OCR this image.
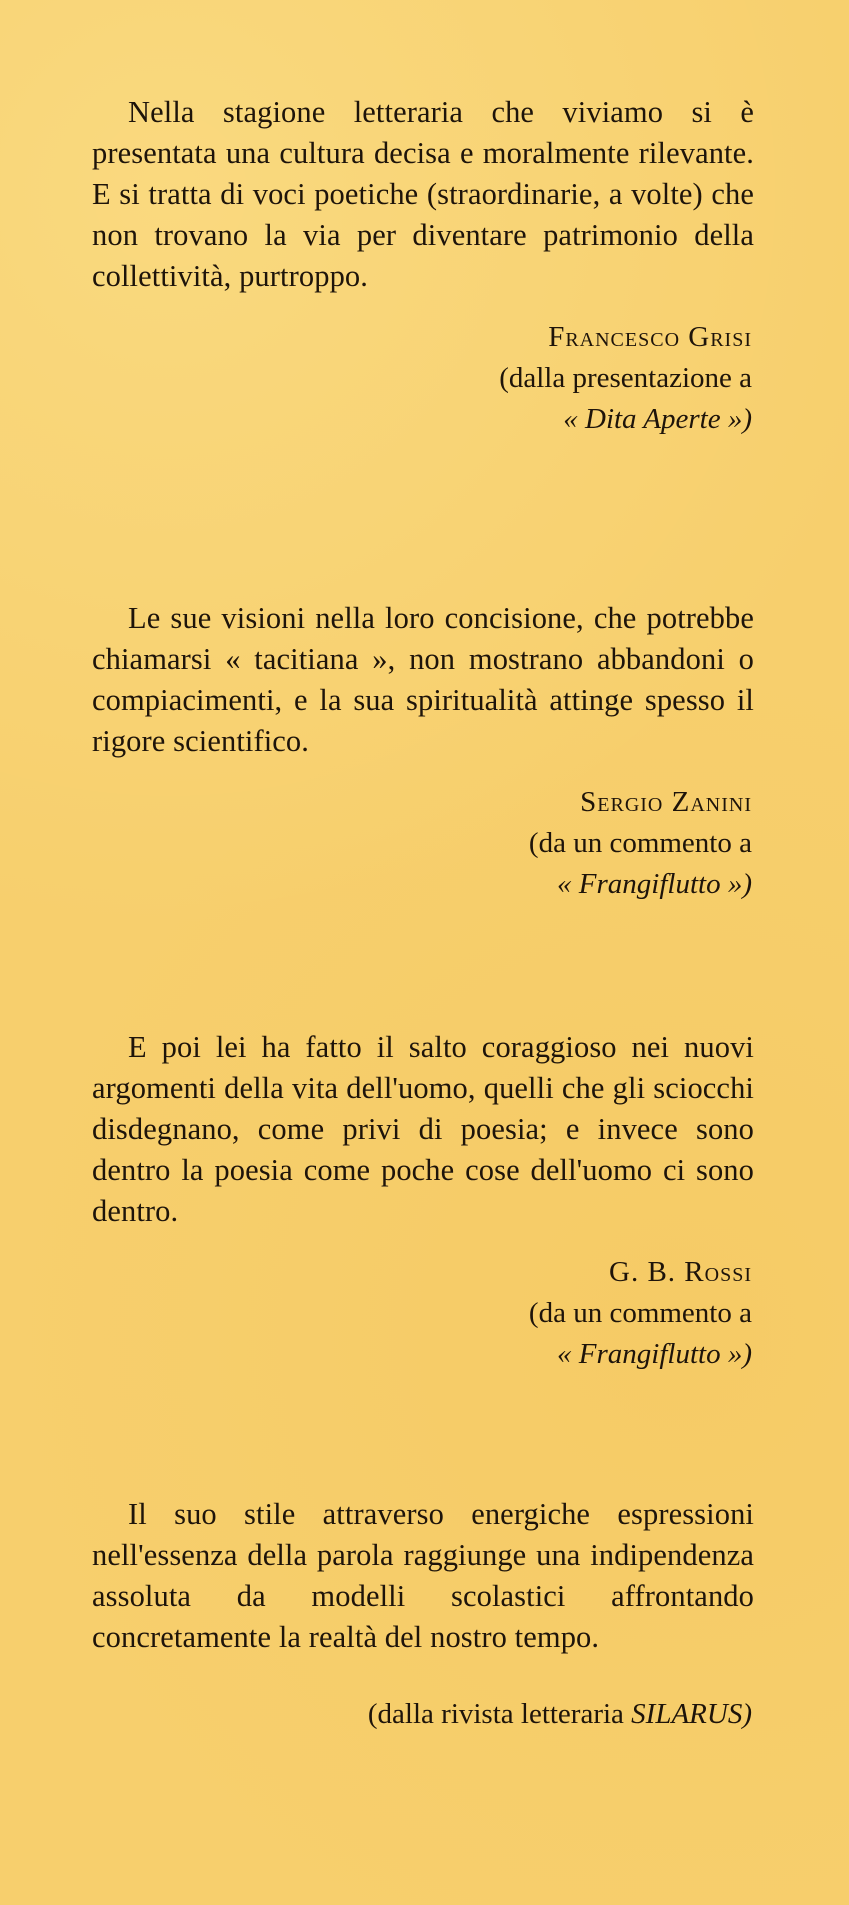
Nella stagione letteraria che viviamo si è presentata una cultura decisa e moralmente rilevante. E si tratta di voci poetiche (straordinarie, a volte) che non trovano la via per diventare patrimonio della collettività, purtroppo.

Francesco Grisi
(dalla presentazione a
« Dita Aperte »)

Le sue visioni nella loro concisione, che potrebbe chiamarsi « tacitiana », non mostrano abbandoni o compiacimenti, e la sua spiritualità attinge spesso il rigore scientifico.

Sergio Zanini
(da un commento a
« Frangiflutto »)

E poi lei ha fatto il salto coraggioso nei nuovi argomenti della vita dell'uomo, quelli che gli sciocchi disdegnano, come privi di poesia; e invece sono dentro la poesia come poche cose dell'uomo ci sono dentro.

G. B. Rossi
(da un commento a
« Frangiflutto »)

Il suo stile attraverso energiche espressioni nell'essenza della parola raggiunge una indipendenza assoluta da modelli scolastici affrontando concretamente la realtà del nostro tempo.

(dalla rivista letteraria SILARUS)
